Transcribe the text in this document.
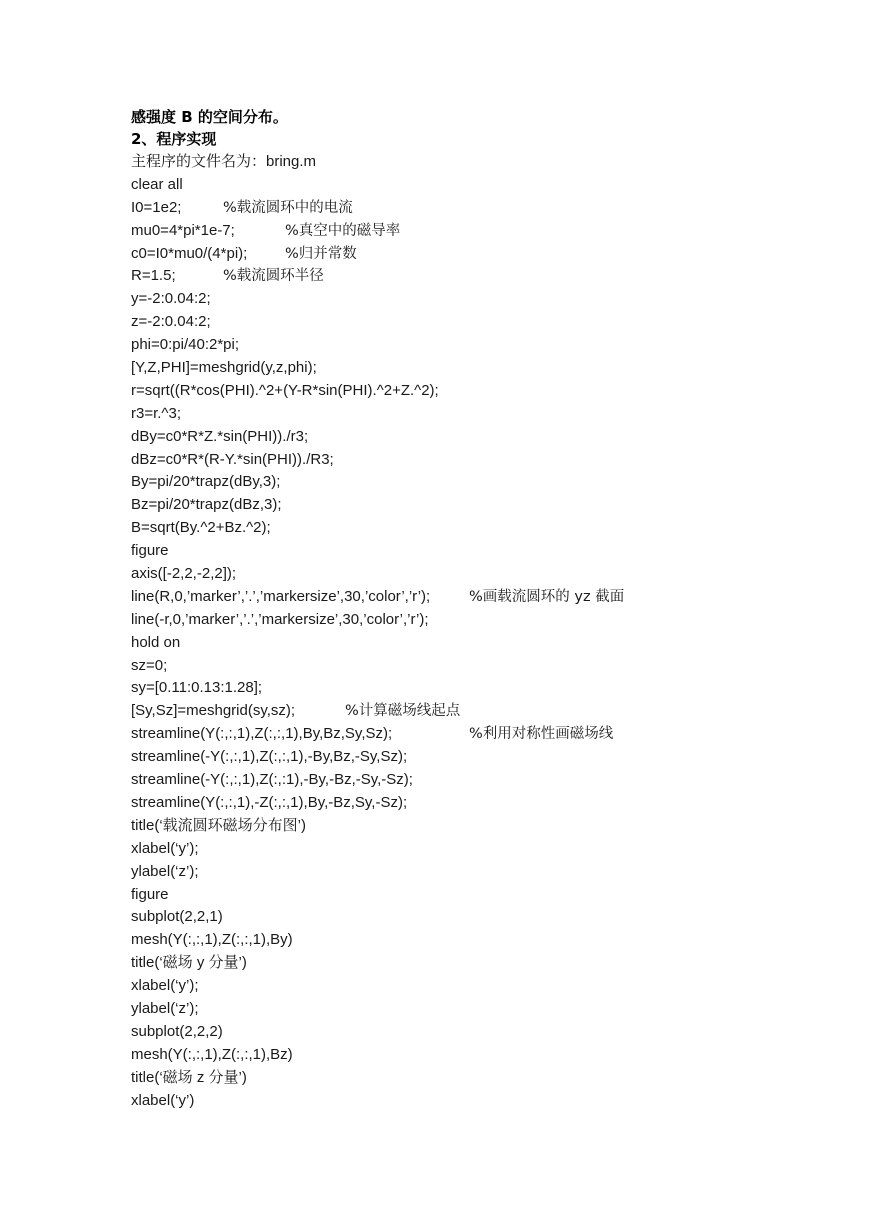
感强度 B 的空间分布。
2、程序实现
主程序的文件名为：bring.m
clear all
I0=1e2;	%载流圆环中的电流
mu0=4*pi*1e-7;	%真空中的磁导率
c0=I0*mu0/(4*pi);	%归并常数
R=1.5;	%载流圆环半径
y=-2:0.04:2;
z=-2:0.04:2;
phi=0:pi/40:2*pi;
[Y,Z,PHI]=meshgrid(y,z,phi);
r=sqrt((R*cos(PHI).^2+(Y-R*sin(PHI).^2+Z.^2);
r3=r.^3;
dBy=c0*R*Z.*sin(PHI))./r3;
dBz=c0*R*(R-Y.*sin(PHI))./R3;
By=pi/20*trapz(dBy,3);
Bz=pi/20*trapz(dBz,3);
B=sqrt(By.^2+Bz.^2);
figure
axis([-2,2,-2,2]);
line(R,0,’marker’,’.’,’markersize’,30,’color’,’r’);	%画载流圆环的 yz 截面
line(-r,0,’marker’,’.’,’markersize’,30,’color’,’r’);
hold on
sz=0;
sy=[0.11:0.13:1.28];
[Sy,Sz]=meshgrid(sy,sz);	%计算磁场线起点
streamline(Y(:,:,1),Z(:,:,1),By,Bz,Sy,Sz);	%利用对称性画磁场线
streamline(-Y(:,:,1),Z(:,:,1),-By,Bz,-Sy,Sz);
streamline(-Y(:,:,1),Z(:,:1),-By,-Bz,-Sy,-Sz);
streamline(Y(:,:,1),-Z(:,:,1),By,-Bz,Sy,-Sz);
title(‘载流圆环磁场分布图’)
xlabel(‘y’);
ylabel(‘z’);
figure
subplot(2,2,1)
mesh(Y(:,:,1),Z(:,:,1),By)
title(‘磁场 y 分量’)
xlabel(‘y’);
ylabel(‘z’);
subplot(2,2,2)
mesh(Y(:,:,1),Z(:,:,1),Bz)
title(‘磁场 z 分量’)
xlabel(‘y’)
